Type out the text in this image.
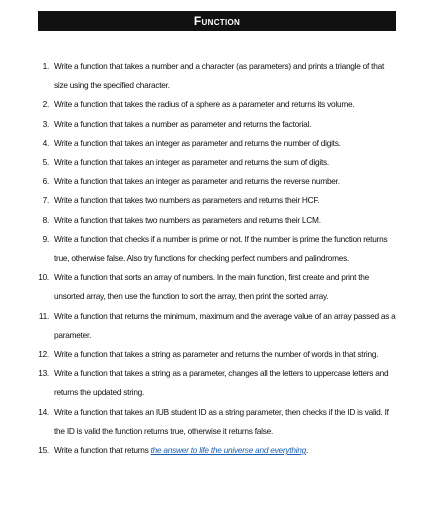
Function
1. Write a function that takes a number and a character (as parameters) and prints a triangle of that
size using the specified character.
2. Write a function that takes the radius of a sphere as a parameter and returns its volume.
3. Write a function that takes a number as parameter and returns the factorial.
4. Write a function that takes an integer as parameter and returns the number of digits.
5. Write a function that takes an integer as parameter and returns the sum of digits.
6. Write a function that takes an integer as parameter and returns the reverse number.
7. Write a function that takes two numbers as parameters and returns their HCF.
8. Write a function that takes two numbers as parameters and returns their LCM.
9. Write a function that checks if a number is prime or not. If the number is prime the function returns
true, otherwise false. Also try functions for checking perfect numbers and palindromes.
10. Write a function that sorts an array of numbers. In the main function, first create and print the
unsorted array, then use the function to sort the array, then print the sorted array.
11. Write a function that returns the minimum, maximum and the average value of an array passed as a
parameter.
12. Write a function that takes a string as parameter and returns the number of words in that string.
13. Write a function that takes a string as a parameter, changes all the letters to uppercase letters and
returns the updated string.
14. Write a function that takes an IUB student ID as a string parameter, then checks if the ID is valid. If
the ID is valid the function returns true, otherwise it returns false.
15. Write a function that returns the answer to life the universe and everything.
